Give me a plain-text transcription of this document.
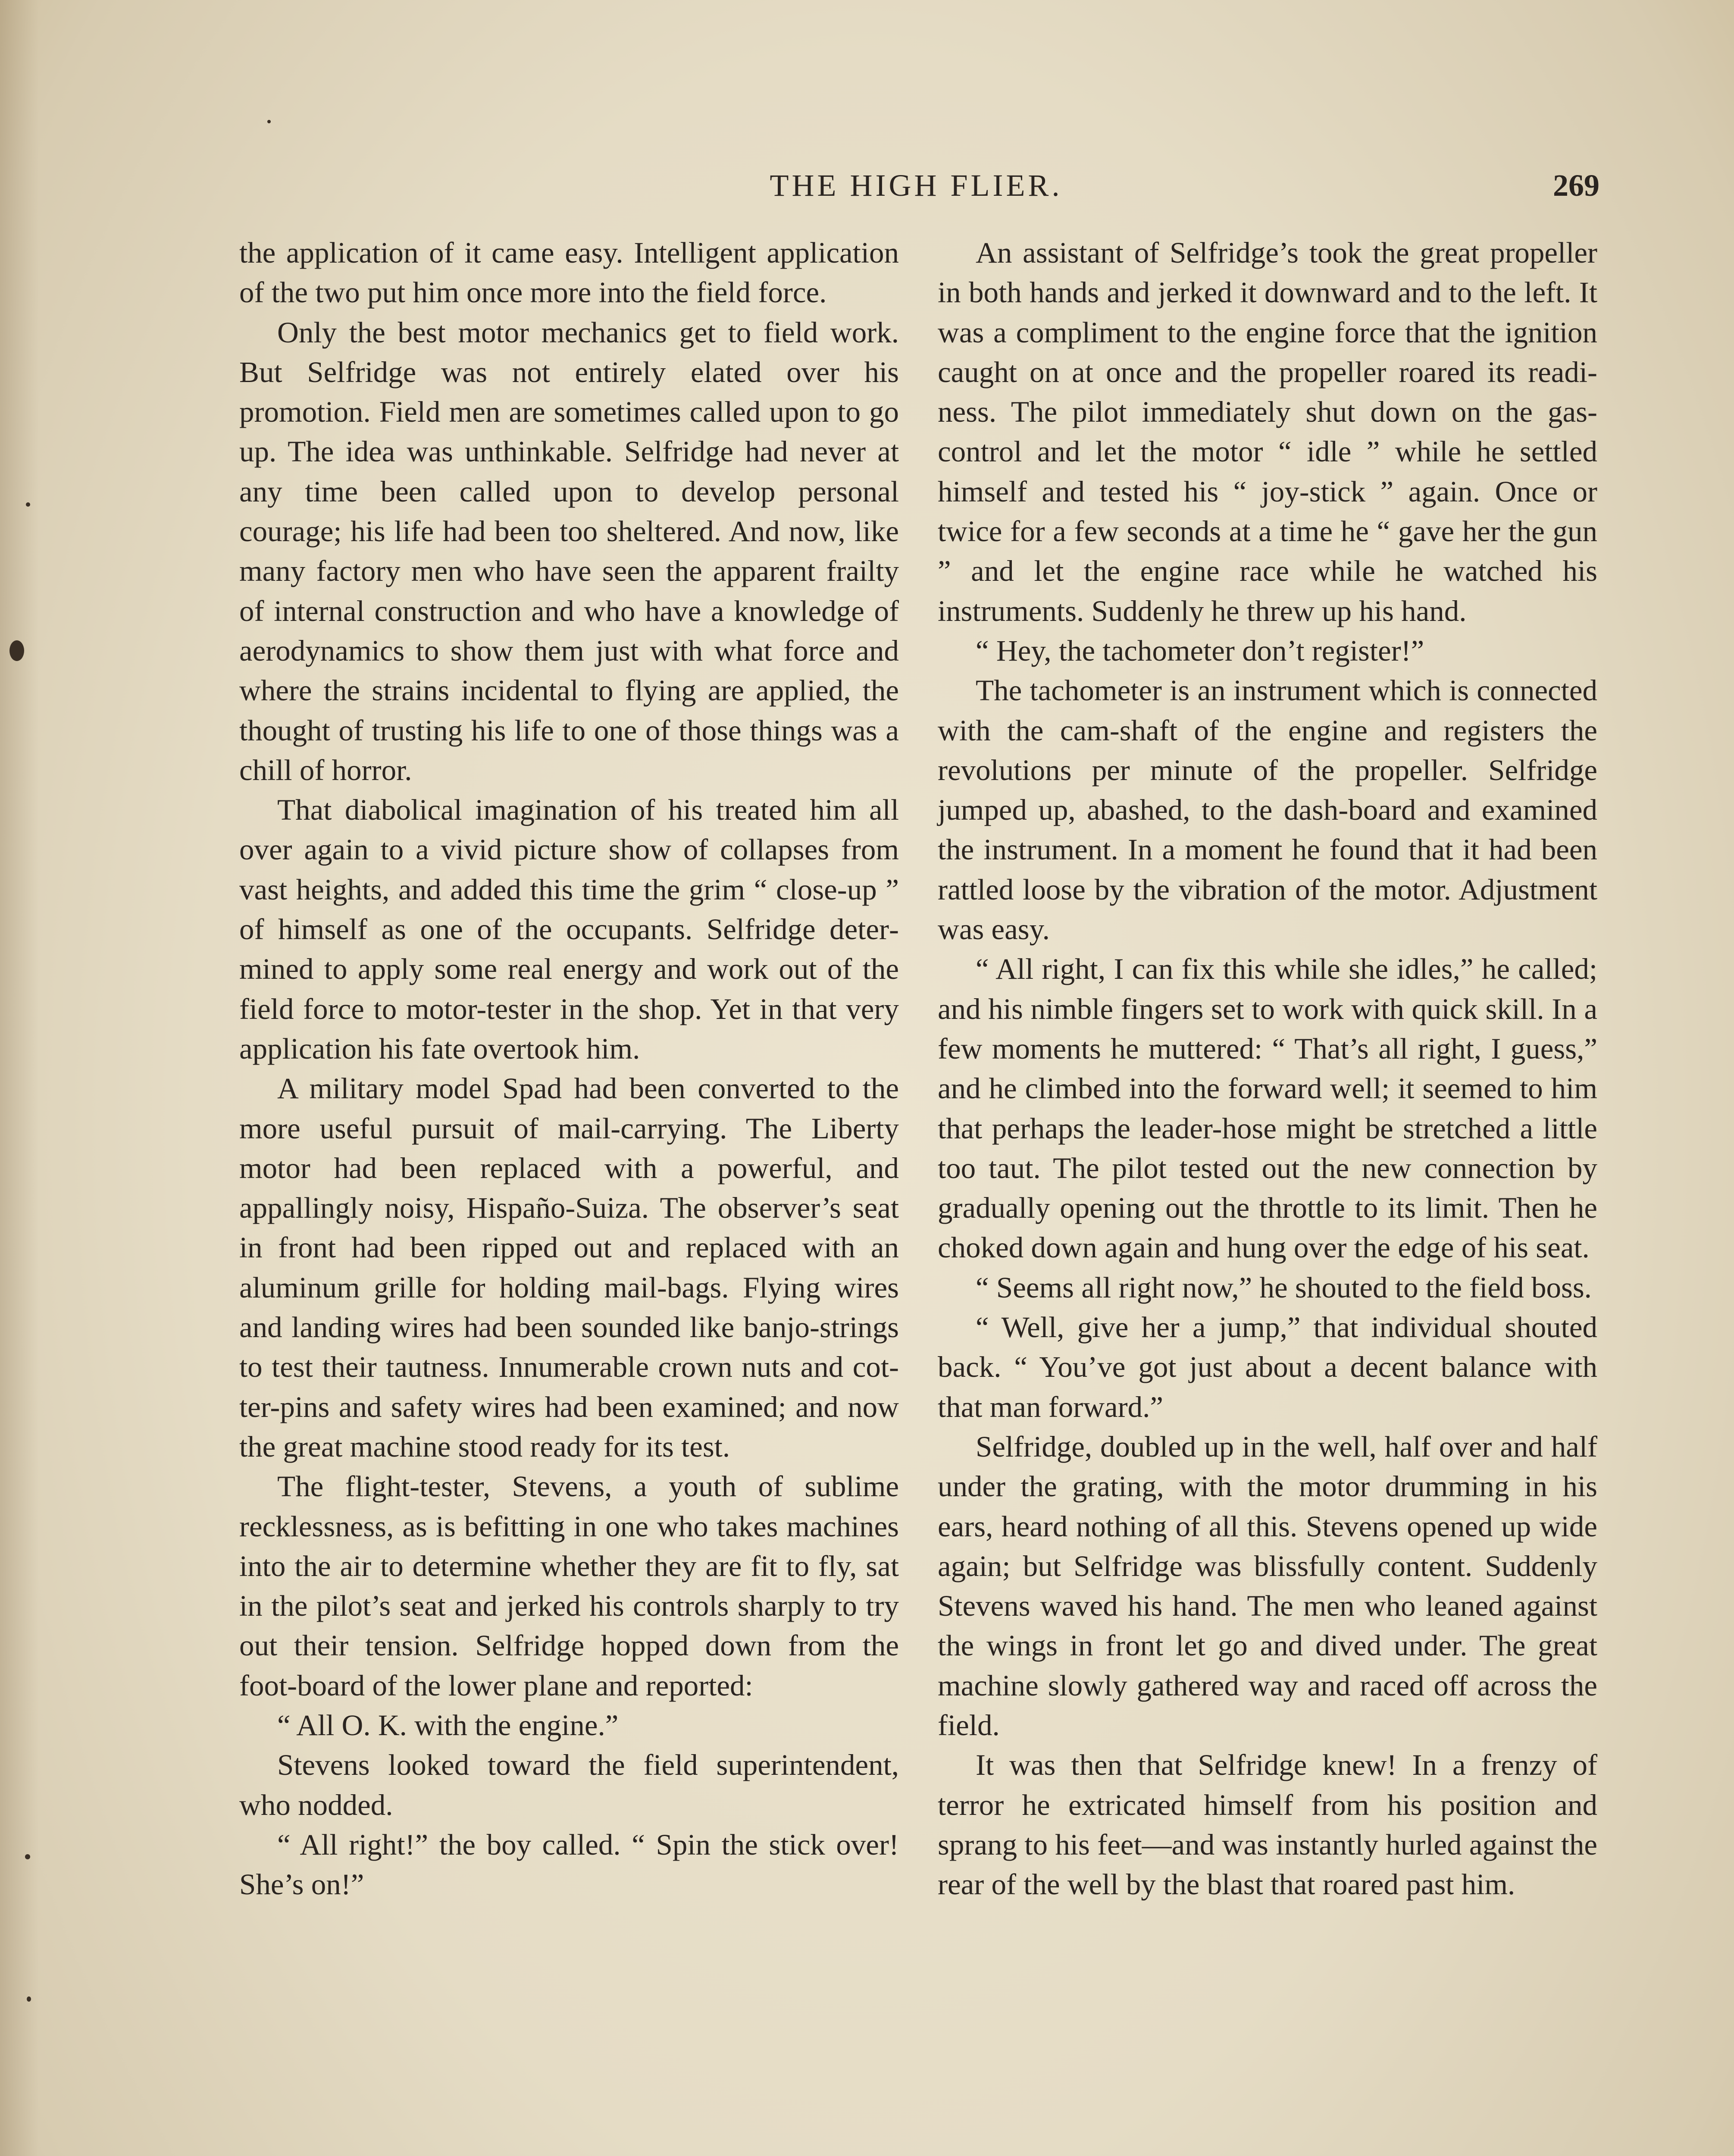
THE HIGH FLIER.	269

the application of it came easy. Intelligent application of the two put him once more into the field force.

Only the best motor mechanics get to field work. But Selfridge was not entirely elated over his promotion. Field men are sometimes called upon to go up. The idea was unthinkable. Selfridge had never at any time been called upon to develop personal courage; his life had been too sheltered. And now, like many factory men who have seen the apparent frailty of internal construction and who have a knowledge of aerodynamics to show them just with what force and where the strains incidental to flying are applied, the thought of trusting his life to one of those things was a chill of horror.

That diabolical imagination of his treated him all over again to a vivid picture show of collapses from vast heights, and added this time the grim “ close-up ” of himself as one of the occupants. Selfridge determined to apply some real energy and work out of the field force to motor-tester in the shop. Yet in that very application his fate overtook him.

A military model Spad had been converted to the more useful pursuit of mail-carrying. The Liberty motor had been replaced with a powerful, and appallingly noisy, Hispaño-Suiza. The observer’s seat in front had been ripped out and replaced with an aluminum grille for holding mail-bags. Flying wires and landing wires had been sounded like banjo-strings to test their tautness. Innumerable crown nuts and cotter-pins and safety wires had been examined; and now the great machine stood ready for its test.

The flight-tester, Stevens, a youth of sublime recklessness, as is befitting in one who takes machines into the air to determine whether they are fit to fly, sat in the pilot’s seat and jerked his controls sharply to try out their tension. Selfridge hopped down from the foot-board of the lower plane and reported:

“ All O. K. with the engine.”

Stevens looked toward the field superintendent, who nodded.

“ All right!” the boy called. “ Spin the stick over! She’s on!”

An assistant of Selfridge’s took the great propeller in both hands and jerked it downward and to the left. It was a compliment to the engine force that the ignition caught on at once and the propeller roared its readiness. The pilot immediately shut down on the gas-control and let the motor “ idle ” while he settled himself and tested his “ joy-stick ” again. Once or twice for a few seconds at a time he “ gave her the gun ” and let the engine race while he watched his instruments. Suddenly he threw up his hand.

“ Hey, the tachometer don’t register!”

The tachometer is an instrument which is connected with the cam-shaft of the engine and registers the revolutions per minute of the propeller. Selfridge jumped up, abashed, to the dash-board and examined the instrument. In a moment he found that it had been rattled loose by the vibration of the motor. Adjustment was easy.

“ All right, I can fix this while she idles,” he called; and his nimble fingers set to work with quick skill. In a few moments he muttered: “ That’s all right, I guess,” and he climbed into the forward well; it seemed to him that perhaps the leader-hose might be stretched a little too taut. The pilot tested out the new connection by gradually opening out the throttle to its limit. Then he choked down again and hung over the edge of his seat.

“ Seems all right now,” he shouted to the field boss.

“ Well, give her a jump,” that individual shouted back. “ You’ve got just about a decent balance with that man forward.”

Selfridge, doubled up in the well, half over and half under the grating, with the motor drumming in his ears, heard nothing of all this. Stevens opened up wide again; but Selfridge was blissfully content. Suddenly Stevens waved his hand. The men who leaned against the wings in front let go and dived under. The great machine slowly gathered way and raced off across the field.

It was then that Selfridge knew! In a frenzy of terror he extricated himself from his position and sprang to his feet—and was instantly hurled against the rear of the well by the blast that roared past him.
